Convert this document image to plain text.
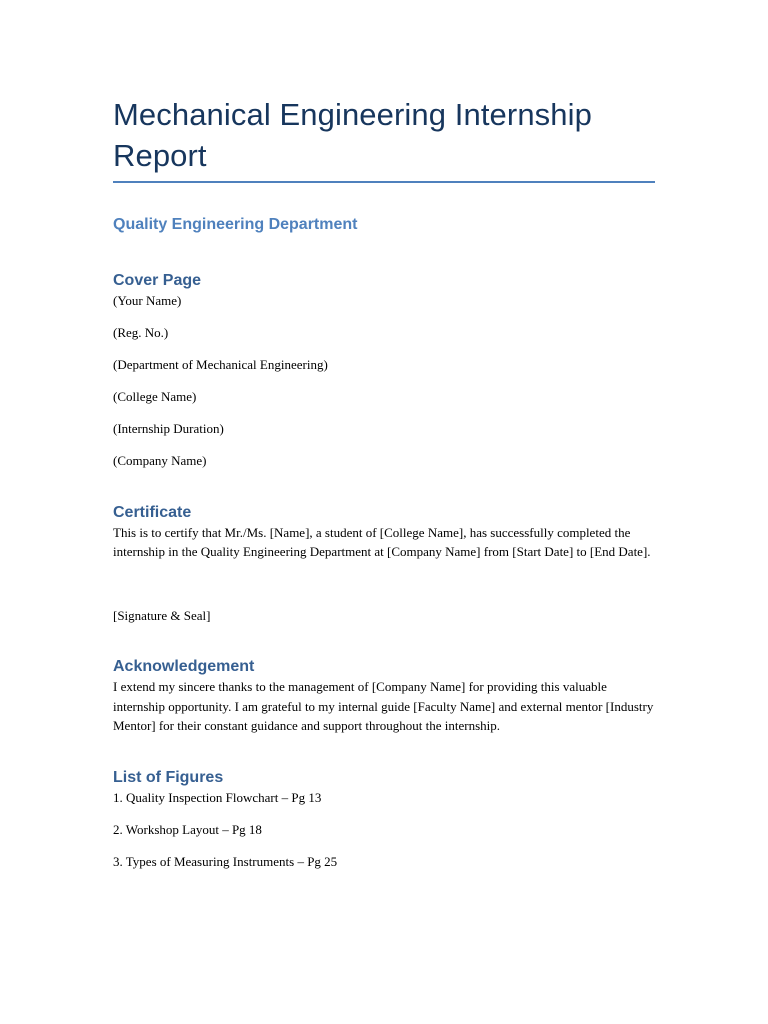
Mechanical Engineering Internship Report
Quality Engineering Department
Cover Page

(Your Name)

(Reg. No.)

(Department of Mechanical Engineering)

(College Name)

(Internship Duration)

(Company Name)

Certificate

This is to certify that Mr./Ms. [Name], a student of [College Name], has successfully completed the internship in the Quality Engineering Department at [Company Name] from [Start Date] to [End Date].

[Signature & Seal]

Acknowledgement

I extend my sincere thanks to the management of [Company Name] for providing this valuable internship opportunity. I am grateful to my internal guide [Faculty Name] and external mentor [Industry Mentor] for their constant guidance and support throughout the internship.

List of Figures

1. Quality Inspection Flowchart – Pg 13

2. Workshop Layout – Pg 18

3. Types of Measuring Instruments – Pg 25
